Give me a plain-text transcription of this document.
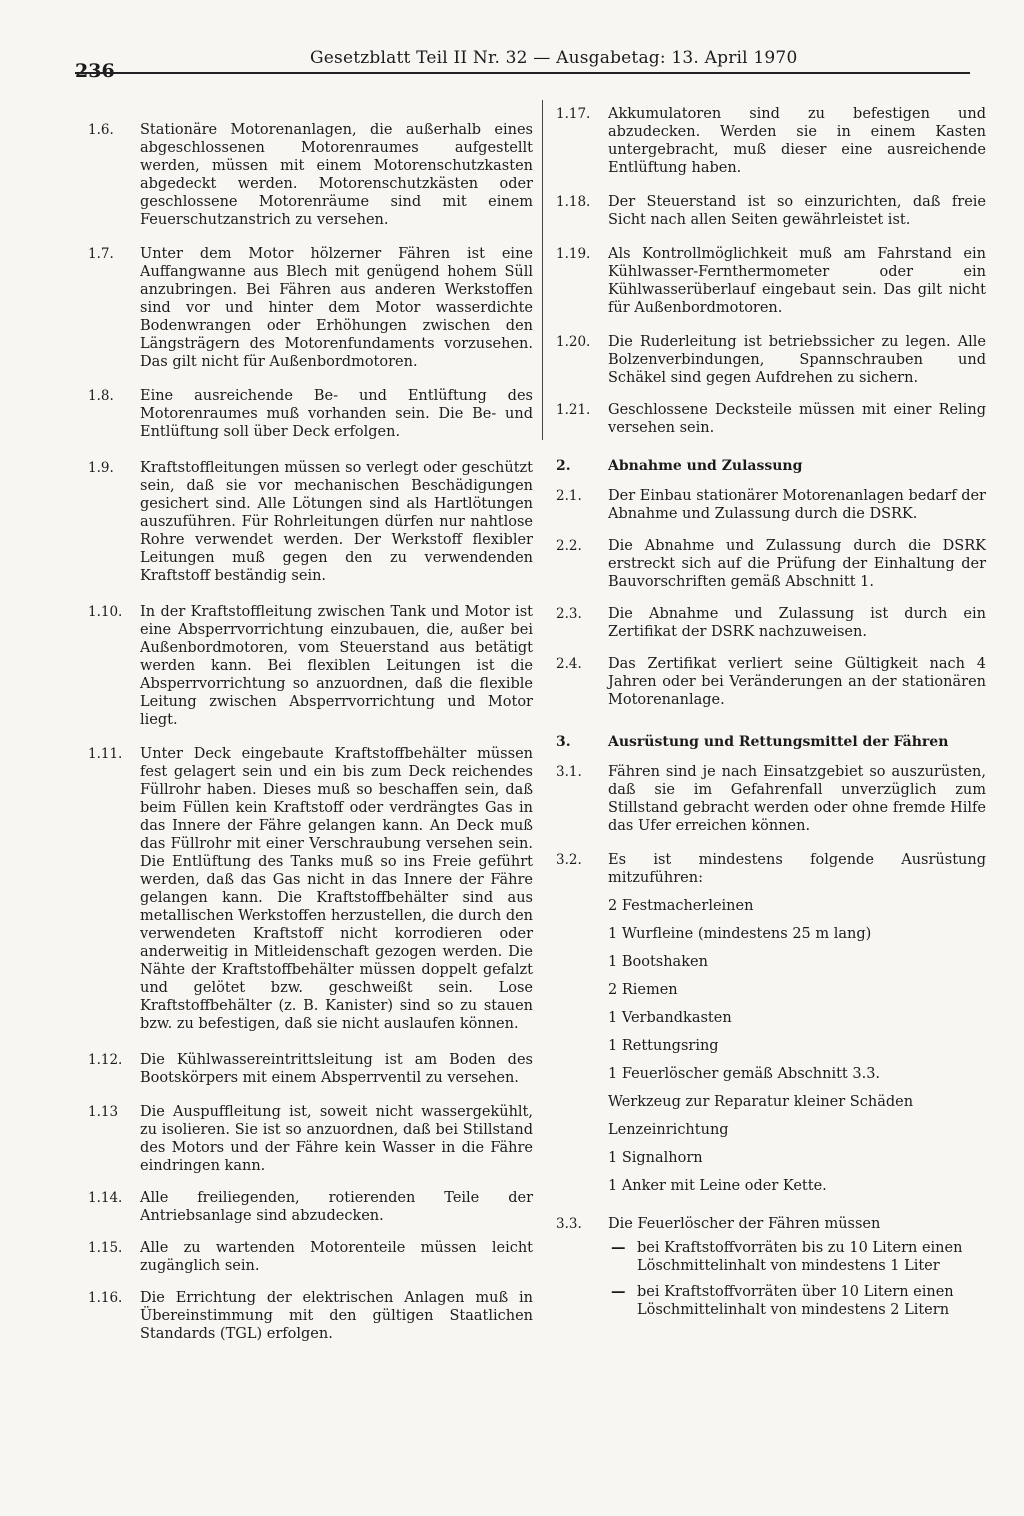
236
Gesetzblatt Teil II Nr. 32 — Ausgabetag: 13. April 1970
1.6.	Stationäre Motorenanlagen, die außerhalb eines abgeschlossenen Motorenraumes aufgestellt werden, müssen mit einem Motorenschutzkasten abgedeckt werden. Motorenschutzkästen oder geschlossene Motorenräume sind mit einem Feuerschutzanstrich zu versehen.
1.7.	Unter dem Motor hölzerner Fähren ist eine Auffangwanne aus Blech mit genügend hohem Süll anzubringen. Bei Fähren aus anderen Werkstoffen sind vor und hinter dem Motor wasserdichte Bodenwrangen oder Erhöhungen zwischen den Längsträgern des Motorenfundaments vorzusehen. Das gilt nicht für Außenbordmotoren.
1.8.	Eine ausreichende Be- und Entlüftung des Motorenraumes muß vorhanden sein. Die Be- und Entlüftung soll über Deck erfolgen.
1.9.	Kraftstoffleitungen müssen so verlegt oder geschützt sein, daß sie vor mechanischen Beschädigungen gesichert sind. Alle Lötungen sind als Hartlötungen auszuführen. Für Rohrleitungen dürfen nur nahtlose Rohre verwendet werden. Der Werkstoff flexibler Leitungen muß gegen den zu verwendenden Kraftstoff beständig sein.
1.10.	In der Kraftstoffleitung zwischen Tank und Motor ist eine Absperrvorrichtung einzubauen, die, außer bei Außenbordmotoren, vom Steuerstand aus betätigt werden kann. Bei flexiblen Leitungen ist die Absperrvorrichtung so anzuordnen, daß die flexible Leitung zwischen Absperrvorrichtung und Motor liegt.
1.11.	Unter Deck eingebaute Kraftstoffbehälter müssen fest gelagert sein und ein bis zum Deck reichendes Füllrohr haben. Dieses muß so beschaffen sein, daß beim Füllen kein Kraftstoff oder verdrängtes Gas in das Innere der Fähre gelangen kann. An Deck muß das Füllrohr mit einer Verschraubung versehen sein. Die Entlüftung des Tanks muß so ins Freie geführt werden, daß das Gas nicht in das Innere der Fähre gelangen kann. Die Kraftstoffbehälter sind aus metallischen Werkstoffen herzustellen, die durch den verwendeten Kraftstoff nicht korrodieren oder anderweitig in Mitleidenschaft gezogen werden. Die Nähte der Kraftstoffbehälter müssen doppelt gefalzt und gelötet bzw. geschweißt sein. Lose Kraftstoffbehälter (z. B. Kanister) sind so zu stauen bzw. zu befestigen, daß sie nicht auslaufen können.
1.12.	Die Kühlwassereintrittsleitung ist am Boden des Bootskörpers mit einem Absperrventil zu versehen.
1.13	Die Auspuffleitung ist, soweit nicht wassergekühlt, zu isolieren. Sie ist so anzuordnen, daß bei Stillstand des Motors und der Fähre kein Wasser in die Fähre eindringen kann.
1.14.	Alle freiliegenden, rotierenden Teile der Antriebsanlage sind abzudecken.
1.15.	Alle zu wartenden Motorenteile müssen leicht zugänglich sein.
1.16.	Die Errichtung der elektrischen Anlagen muß in Übereinstimmung mit den gültigen Staatlichen Standards (TGL) erfolgen.
1.17.	Akkumulatoren sind zu befestigen und abzudecken. Werden sie in einem Kasten untergebracht, muß dieser eine ausreichende Entlüftung haben.
1.18.	Der Steuerstand ist so einzurichten, daß freie Sicht nach allen Seiten gewährleistet ist.
1.19.	Als Kontrollmöglichkeit muß am Fahrstand ein Kühlwasser-Fernthermometer oder ein Kühlwasserüberlauf eingebaut sein. Das gilt nicht für Außenbordmotoren.
1.20.	Die Ruderleitung ist betriebssicher zu legen. Alle Bolzenverbindungen, Spannschrauben und Schäkel sind gegen Aufdrehen zu sichern.
1.21.	Geschlossene Decksteile müssen mit einer Reling versehen sein.
2.	Abnahme und Zulassung
2.1.	Der Einbau stationärer Motorenanlagen bedarf der Abnahme und Zulassung durch die DSRK.
2.2.	Die Abnahme und Zulassung durch die DSRK erstreckt sich auf die Prüfung der Einhaltung der Bauvorschriften gemäß Abschnitt 1.
2.3.	Die Abnahme und Zulassung ist durch ein Zertifikat der DSRK nachzuweisen.
2.4.	Das Zertifikat verliert seine Gültigkeit nach 4 Jahren oder bei Veränderungen an der stationären Motorenanlage.
3.	Ausrüstung und Rettungsmittel der Fähren
3.1.	Fähren sind je nach Einsatzgebiet so auszurüsten, daß sie im Gefahrenfall unverzüglich zum Stillstand gebracht werden oder ohne fremde Hilfe das Ufer erreichen können.
3.2.	Es ist mindestens folgende Ausrüstung mitzuführen:
2 Festmacherleinen
1 Wurfleine (mindestens 25 m lang)
1 Bootshaken
2 Riemen
1 Verbandkasten
1 Rettungsring
1 Feuerlöscher gemäß Abschnitt 3.3.
Werkzeug zur Reparatur kleiner Schäden
Lenzeinrichtung
1 Signalhorn
1 Anker mit Leine oder Kette.
3.3.	Die Feuerlöscher der Fähren müssen
— bei Kraftstoffvorräten bis zu 10 Litern einen Löschmittelinhalt von mindestens 1 Liter
— bei Kraftstoffvorräten über 10 Litern einen Löschmittelinhalt von mindestens 2 Litern
